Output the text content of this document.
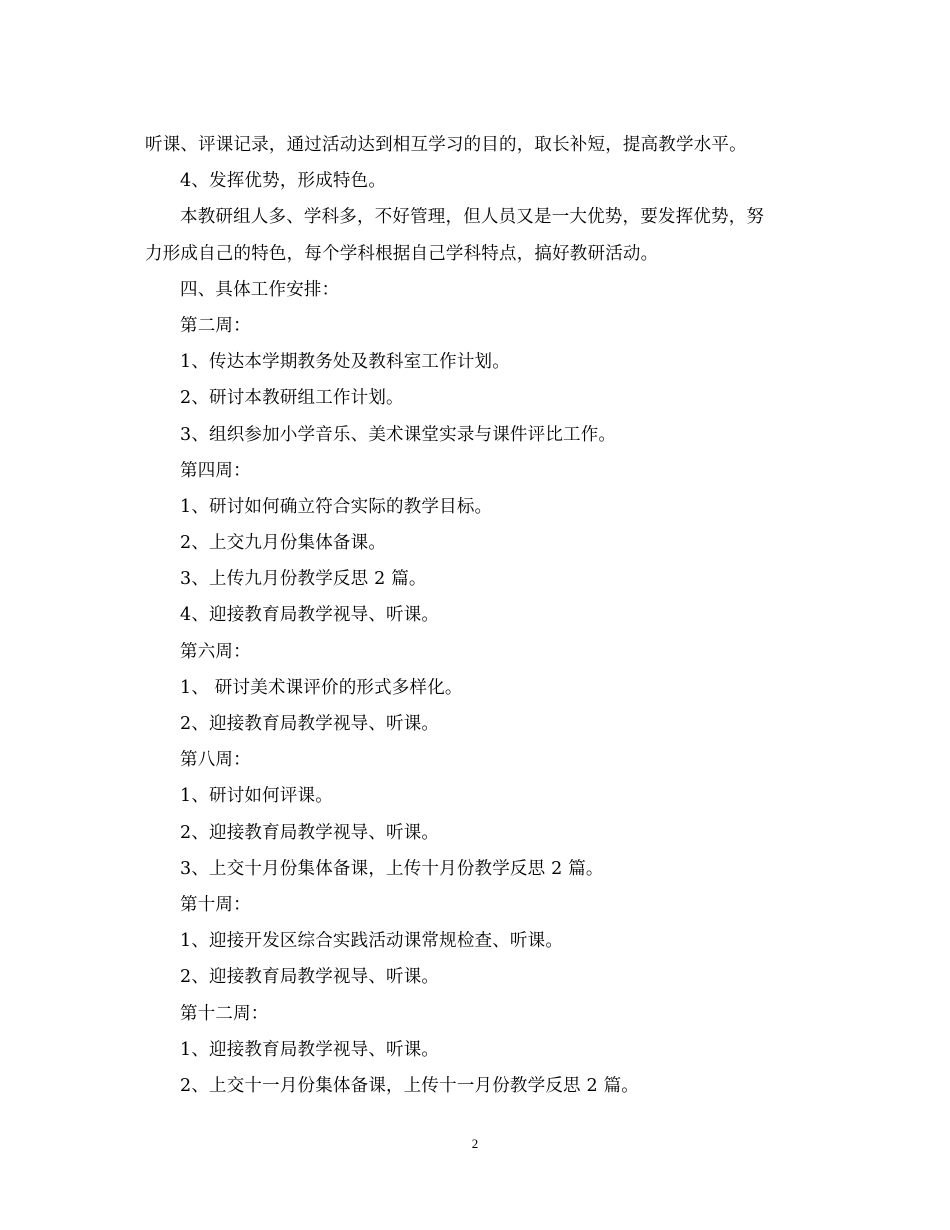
听课、评课记录，通过活动达到相互学习的目的，取长补短，提高教学水平。
4、发挥优势，形成特色。
本教研组人多、学科多，不好管理，但人员又是一大优势，要发挥优势，努
力形成自己的特色，每个学科根据自己学科特点，搞好教研活动。
四、具体工作安排：
第二周：
1、传达本学期教务处及教科室工作计划。
2、研讨本教研组工作计划。
3、组织参加小学音乐、美术课堂实录与课件评比工作。
第四周：
1、研讨如何确立符合实际的教学目标。
2、上交九月份集体备课。
3、上传九月份教学反思 2 篇。
4、迎接教育局教学视导、听课。
第六周：
1、 研讨美术课评价的形式多样化。
2、迎接教育局教学视导、听课。
第八周：
1、研讨如何评课。
2、迎接教育局教学视导、听课。
3、上交十月份集体备课，上传十月份教学反思 2 篇。
第十周：
1、迎接开发区综合实践活动课常规检查、听课。
2、迎接教育局教学视导、听课。
第十二周：
1、迎接教育局教学视导、听课。
2、上交十一月份集体备课，上传十一月份教学反思 2 篇。
2
